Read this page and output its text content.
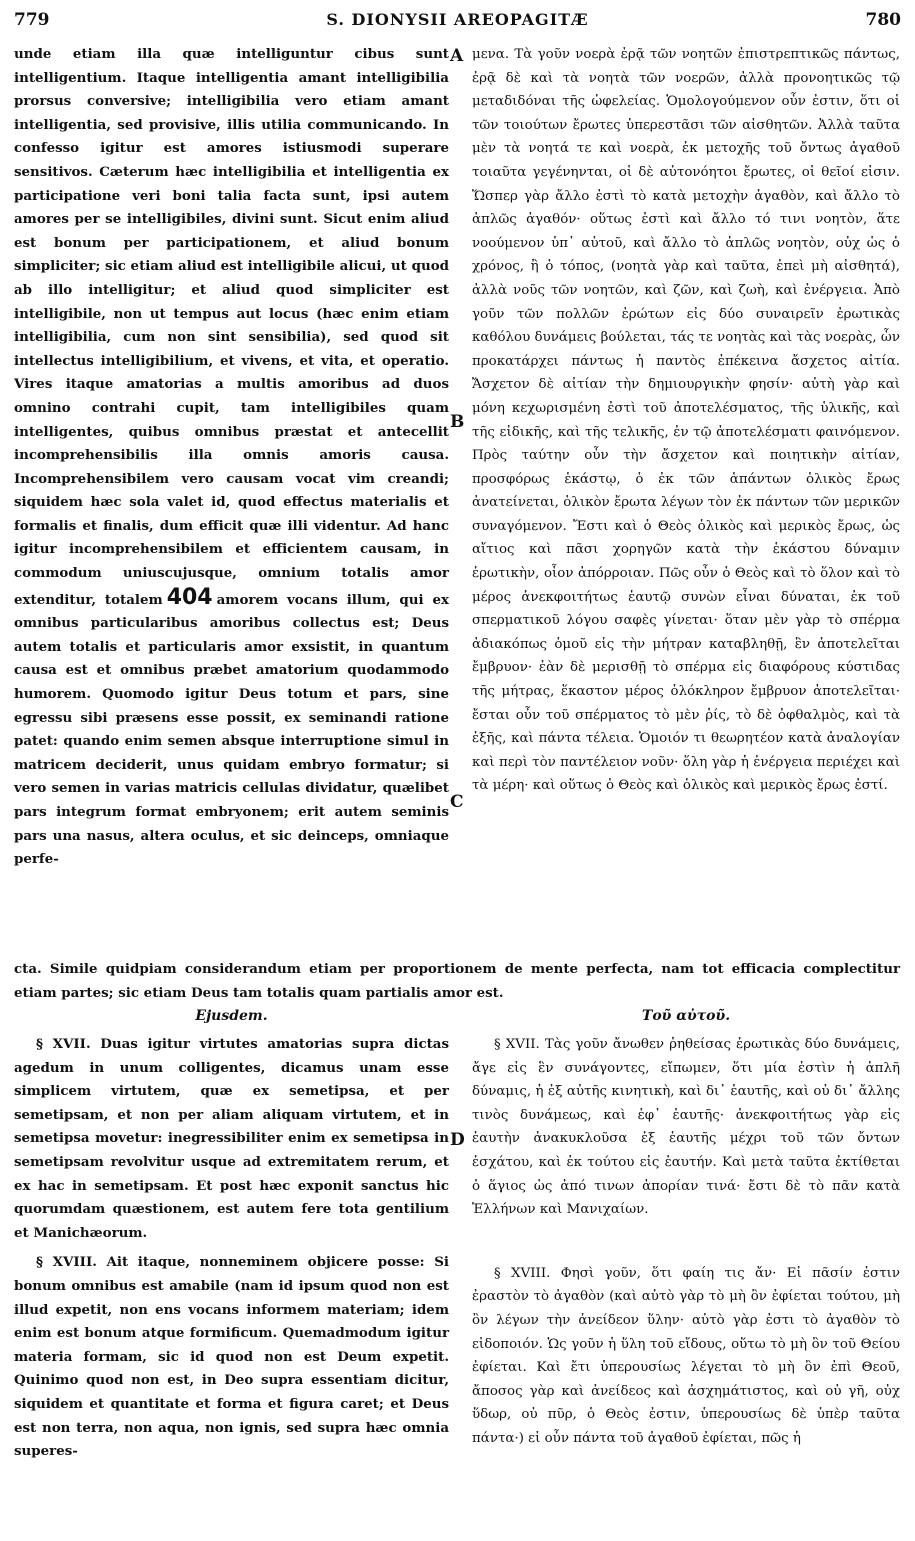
779	S. DIONYSII AREOPAGITÆ	780

unde etiam illa quæ intelliguntur cibus sunt intelligentium. Itaque intelligentia amant intelligibilia prorsus conversive; intelligibilia vero etiam amant intelligentia, sed provisive, illis utilia communicando. In confesso igitur est amores istiusmodi superare sensitivos. Cæterum hæc intelligibilia et intelligentia ex participatione veri boni talia facta sunt, ipsi autem amores per se intelligibiles, divini sunt. Sicut enim aliud est bonum per participationem, et aliud bonum simpliciter; sic etiam aliud est intelligibile alicui, ut quod ab illo intelligitur; et aliud quod simpliciter est intelligibile, non ut tempus aut locus (hæc enim etiam intelligibilia, cum non sint sensibilia), sed quod sit intellectus intelligibilium, et vivens, et vita, et operatio. Vires itaque amatorias a multis amoribus ad duos omnino contrahi cupit, tam intelligibiles quam intelligentes, quibus omnibus præstat et antecellit incomprehensibilis illa omnis amoris causa. Incomprehensibilem vero causam vocat vim creandi; siquidem hæc sola valet id, quod effectus materialis et formalis et finalis, dum efficit quæ illi videntur. Ad hanc igitur incomprehensibilem et efficientem causam, in commodum uniuscujusque, omnium totalis amor extenditur, totalem 404 amorem vocans illum, qui ex omnibus particularibus amoribus collectus est; Deus autem totalis et particularis amor exsistit, in quantum causa est et omnibus præbet amatorium quodammodo humorem. Quomodo igitur Deus totum et pars, sine egressu sibi præsens esse possit, ex seminandi ratione patet: quando enim semen absque interruptione simul in matricem deciderit, unus quidam embryo formatur; si vero semen in varias matricis cellulas dividatur, quælibet pars integrum format embryonem; erit autem seminis pars una nasus, altera oculus, et sic deinceps, omniaque perfe-

μενα. Τὰ γοῦν νοερὰ ἐρᾷ τῶν νοητῶν ἐπιστρεπτικῶς πάντως, ἐρᾷ δὲ καὶ τὰ νοητὰ τῶν νοερῶν, ἀλλὰ προνοητικῶς τῷ μεταδιδόναι τῆς ὠφελείας. Ὁμολογούμενον οὖν ἐστιν, ὅτι οἱ τῶν τοιούτων ἔρωτες ὑπερεστᾶσι τῶν αἰσθητῶν. Ἀλλὰ ταῦτα μὲν τὰ νοητά τε καὶ νοερὰ, ἐκ μετοχῆς τοῦ ὄντως ἀγαθοῦ τοιαῦτα γεγένηνται, οἱ δὲ αὐτονόητοι ἔρωτες, οἱ θεῖοί εἰσιν. Ὥσπερ γὰρ ἄλλο ἐστὶ τὸ κατὰ μετοχὴν ἀγαθὸν, καὶ ἄλλο τὸ ἁπλῶς ἀγαθόν· οὕτως ἐστὶ καὶ ἄλλο τό τινι νοητὸν, ἅτε νοούμενον ὑπ᾽ αὐτοῦ, καὶ ἄλλο τὸ ἁπλῶς νοητὸν, οὐχ ὡς ὁ χρόνος, ἢ ὁ τόπος, (νοητὰ γὰρ καὶ ταῦτα, ἐπεὶ μὴ αἰσθητά), ἀλλὰ νοῦς τῶν νοητῶν, καὶ ζῶν, καὶ ζωὴ, καὶ ἐνέργεια. Ἀπὸ γοῦν τῶν πολλῶν ἐρώτων εἰς δύο συναιρεῖν ἐρωτικὰς καθόλου δυνάμεις βούλεται, τάς τε νοητὰς καὶ τὰς νοερὰς, ὧν προκατάρχει πάντως ἡ παντὸς ἐπέκεινα ἄσχετος αἰτία. Ἄσχετον δὲ αἰτίαν τὴν δημιουργικὴν φησίν· αὐτὴ γὰρ καὶ μόνη κεχωρισμένη ἐστὶ τοῦ ἀποτελέσματος, τῆς ὑλικῆς, καὶ τῆς εἰδικῆς, καὶ τῆς τελικῆς, ἐν τῷ ἀποτελέσματι φαινόμενον. Πρὸς ταύτην οὖν τὴν ἄσχετον καὶ ποιητικὴν αἰτίαν, προσφόρως ἑκάστῳ, ὁ ἐκ τῶν ἁπάντων ὁλικὸς ἔρως ἀνατείνεται, ὁλικὸν ἔρωτα λέγων τὸν ἐκ πάντων τῶν μερικῶν συναγόμενον. Ἔστι καὶ ὁ Θεὸς ὁλικὸς καὶ μερικὸς ἔρως, ὡς αἴτιος καὶ πᾶσι χορηγῶν κατὰ τὴν ἑκάστου δύναμιν ἐρωτικὴν, οἷον ἀπόρροιαν. Πῶς οὖν ὁ Θεὸς καὶ τὸ ὅλον καὶ τὸ μέρος ἀνεκφοιτήτως ἑαυτῷ συνὼν εἶναι δύναται, ἐκ τοῦ σπερματικοῦ λόγου σαφὲς γίνεται· ὅταν μὲν γὰρ τὸ σπέρμα ἀδιακόπως ὁμοῦ εἰς τὴν μήτραν καταβληθῇ, ἓν ἀποτελεῖται ἔμβρυον· ἐὰν δὲ μερισθῇ τὸ σπέρμα εἰς διαφόρους κύστιδας τῆς μήτρας, ἕκαστον μέρος ὁλόκληρον ἔμβρυον ἀποτελεῖται· ἔσται οὖν τοῦ σπέρματος τὸ μὲν ῥίς, τὸ δὲ ὀφθαλμὸς, καὶ τὰ ἑξῆς, καὶ πάντα τέλεια. Ὁμοιόν τι θεωρητέον κατὰ ἀναλογίαν καὶ περὶ τὸν παντέλειον νοῦν· ὅλη γὰρ ἡ ἐνέργεια περιέχει καὶ τὰ μέρη· καὶ οὕτως ὁ Θεὸς καὶ ὁλικὸς καὶ μερικὸς ἔρως ἐστί.

A
B
C
D
cta. Simile quidpiam considerandum etiam per proportionem de mente perfecta, nam tot efficacia complectitur etiam partes; sic etiam Deus tam totalis quam partialis amor est.
Ejusdem.	Τοῦ αὐτοῦ.

§ XVII. Duas igitur virtutes amatorias supra dictas agedum in unum colligentes, dicamus unam esse simplicem virtutem, quæ ex semetipsa, et per semetipsam, et non per aliam aliquam virtutem, et in semetipsa movetur: inegressibiliter enim ex semetipsa in semetipsam revolvitur usque ad extremitatem rerum, et ex hac in semetipsam. Et post hæc exponit sanctus hic quorumdam quæstionem, est autem fere tota gentilium et Manichæorum.

§ XVIII. Ait itaque, nonneminem objicere posse: Si bonum omnibus est amabile (nam id ipsum quod non est illud expetit, non ens vocans informem materiam; idem enim est bonum atque formificum. Quemadmodum igitur materia formam, sic id quod non est Deum expetit. Quinimo quod non est, in Deo supra essentiam dicitur, siquidem et quantitate et forma et figura caret; et Deus est non terra, non aqua, non ignis, sed supra hæc omnia superes-

§ XVII. Τὰς γοῦν ἄνωθεν ῥηθείσας ἐρωτικὰς δύο δυνάμεις, ἄγε εἰς ἓν συνάγοντες, εἴπωμεν, ὅτι μία ἐστὶν ἡ ἁπλῆ δύναμις, ἡ ἐξ αὐτῆς κινητικὴ, καὶ δι᾽ ἑαυτῆς, καὶ οὐ δι᾽ ἄλλης τινὸς δυνάμεως, καὶ ἐφ᾽ ἑαυτῆς· ἀνεκφοιτήτως γὰρ εἰς ἑαυτὴν ἀνακυκλοῦσα ἐξ ἑαυτῆς μέχρι τοῦ τῶν ὄντων ἐσχάτου, καὶ ἐκ τούτου εἰς ἑαυτήν. Καὶ μετὰ ταῦτα ἐκτίθεται ὁ ἅγιος ὡς ἀπό τινων ἀπορίαν τινά· ἔστι δὲ τὸ πᾶν κατὰ Ἑλλήνων καὶ Μανιχαίων.

§ XVIII. Φησὶ γοῦν, ὅτι φαίη τις ἄν· Εἰ πᾶσίν ἐστιν ἐραστὸν τὸ ἀγαθὸν (καὶ αὐτὸ γὰρ τὸ μὴ ὂν ἐφίεται τούτου, μὴ ὂν λέγων τὴν ἀνείδεον ὕλην· αὐτὸ γὰρ ἐστι τὸ ἀγαθὸν τὸ εἰδοποιόν. Ὡς γοῦν ἡ ὕλη τοῦ εἴδους, οὕτω τὸ μὴ ὂν τοῦ Θείου ἐφίεται. Καὶ ἔτι ὑπερουσίως λέγεται τὸ μὴ ὂν ἐπὶ Θεοῦ, ἄποσος γὰρ καὶ ἀνείδεος καὶ ἀσχημάτιστος, καὶ οὐ γῆ, οὐχ ὕδωρ, οὐ πῦρ, ὁ Θεὸς ἐστιν, ὑπερουσίως δὲ ὑπὲρ ταῦτα πάντα·) εἰ οὖν πάντα τοῦ ἀγαθοῦ ἐφίεται, πῶς ἡ
